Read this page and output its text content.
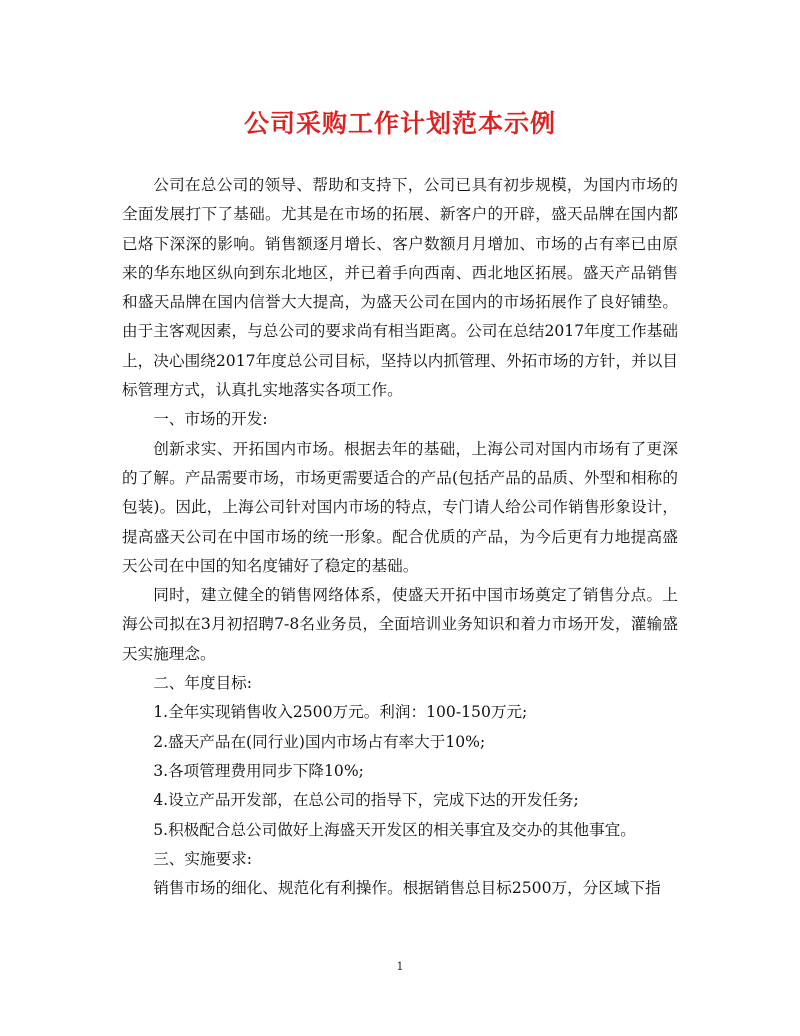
公司采购工作计划范本示例

公司在总公司的领导、帮助和支持下，公司已具有初步规模，为国内市场的全面发展打下了基础。尤其是在市场的拓展、新客户的开辟，盛天品牌在国内都已烙下深深的影响。销售额逐月增长、客户数额月月增加、市场的占有率已由原来的华东地区纵向到东北地区，并已着手向西南、西北地区拓展。盛天产品销售和盛天品牌在国内信誉大大提高，为盛天公司在国内的市场拓展作了良好铺垫。由于主客观因素，与总公司的要求尚有相当距离。公司在总结2017年度工作基础上，决心围绕2017年度总公司目标，坚持以内抓管理、外拓市场的方针，并以目标管理方式，认真扎实地落实各项工作。

一、市场的开发:

创新求实、开拓国内市场。根据去年的基础，上海公司对国内市场有了更深的了解。产品需要市场，市场更需要适合的产品(包括产品的品质、外型和相称的包装)。因此，上海公司针对国内市场的特点，专门请人给公司作销售形象设计，提高盛天公司在中国市场的统一形象。配合优质的产品，为今后更有力地提高盛天公司在中国的知名度铺好了稳定的基础。

同时，建立健全的销售网络体系，使盛天开拓中国市场奠定了销售分点。上海公司拟在3月初招聘7-8名业务员，全面培训业务知识和着力市场开发，灌输盛天实施理念。

二、年度目标:

1.全年实现销售收入2500万元。利润：100-150万元;

2.盛天产品在(同行业)国内市场占有率大于10%;

3.各项管理费用同步下降10%;

4.设立产品开发部，在总公司的指导下，完成下达的开发任务;

5.积极配合总公司做好上海盛天开发区的相关事宜及交办的其他事宜。

三、实施要求:

销售市场的细化、规范化有利操作。根据销售总目标2500万，分区域下指

1
